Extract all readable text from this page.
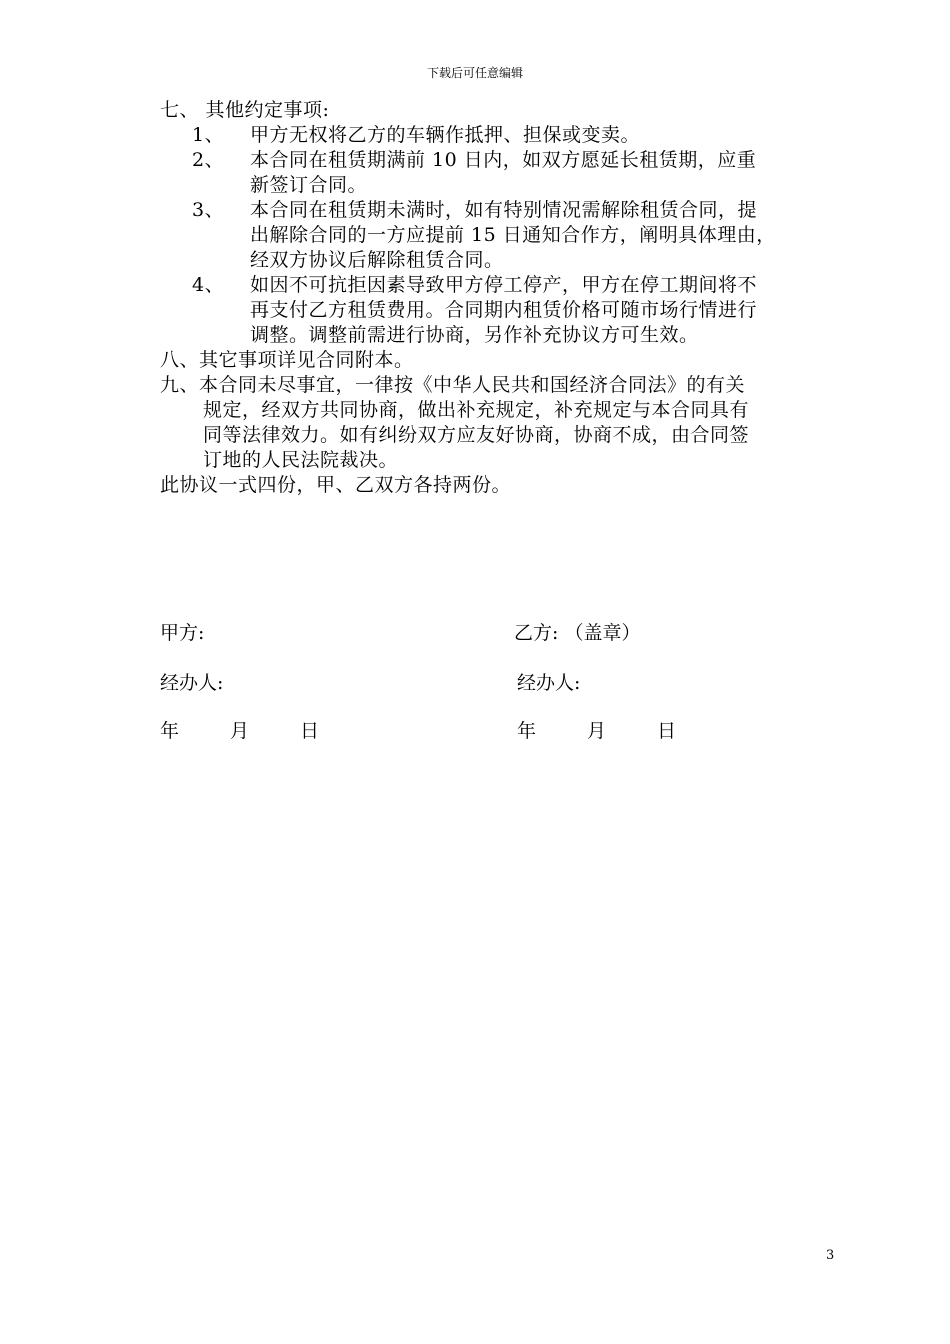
下载后可任意编辑
七、 其他约定事项:
1、 甲方无权将乙方的车辆作抵押、担保或变卖。
2、 本合同在租赁期满前 10 日内，如双方愿延长租赁期，应重
新签订合同。
3、 本合同在租赁期未满时，如有特别情况需解除租赁合同，提
出解除合同的一方应提前 15 日通知合作方，阐明具体理由，
经双方协议后解除租赁合同。
4、 如因不可抗拒因素导致甲方停工停产，甲方在停工期间将不
再支付乙方租赁费用。合同期内租赁价格可随市场行情进行
调整。调整前需进行协商，另作补充协议方可生效。
八、其它事项详见合同附本。
九、本合同未尽事宜，一律按《中华人民共和国经济合同法》的有关
规定，经双方共同协商，做出补充规定，补充规定与本合同具有
同等法律效力。如有纠纷双方应友好协商，协商不成，由合同签
订地的人民法院裁决。
此协议一式四份，甲、乙双方各持两份。
甲方:	乙方: （盖章）
经办人:	经办人:
年	月	日	年	月	日
3
